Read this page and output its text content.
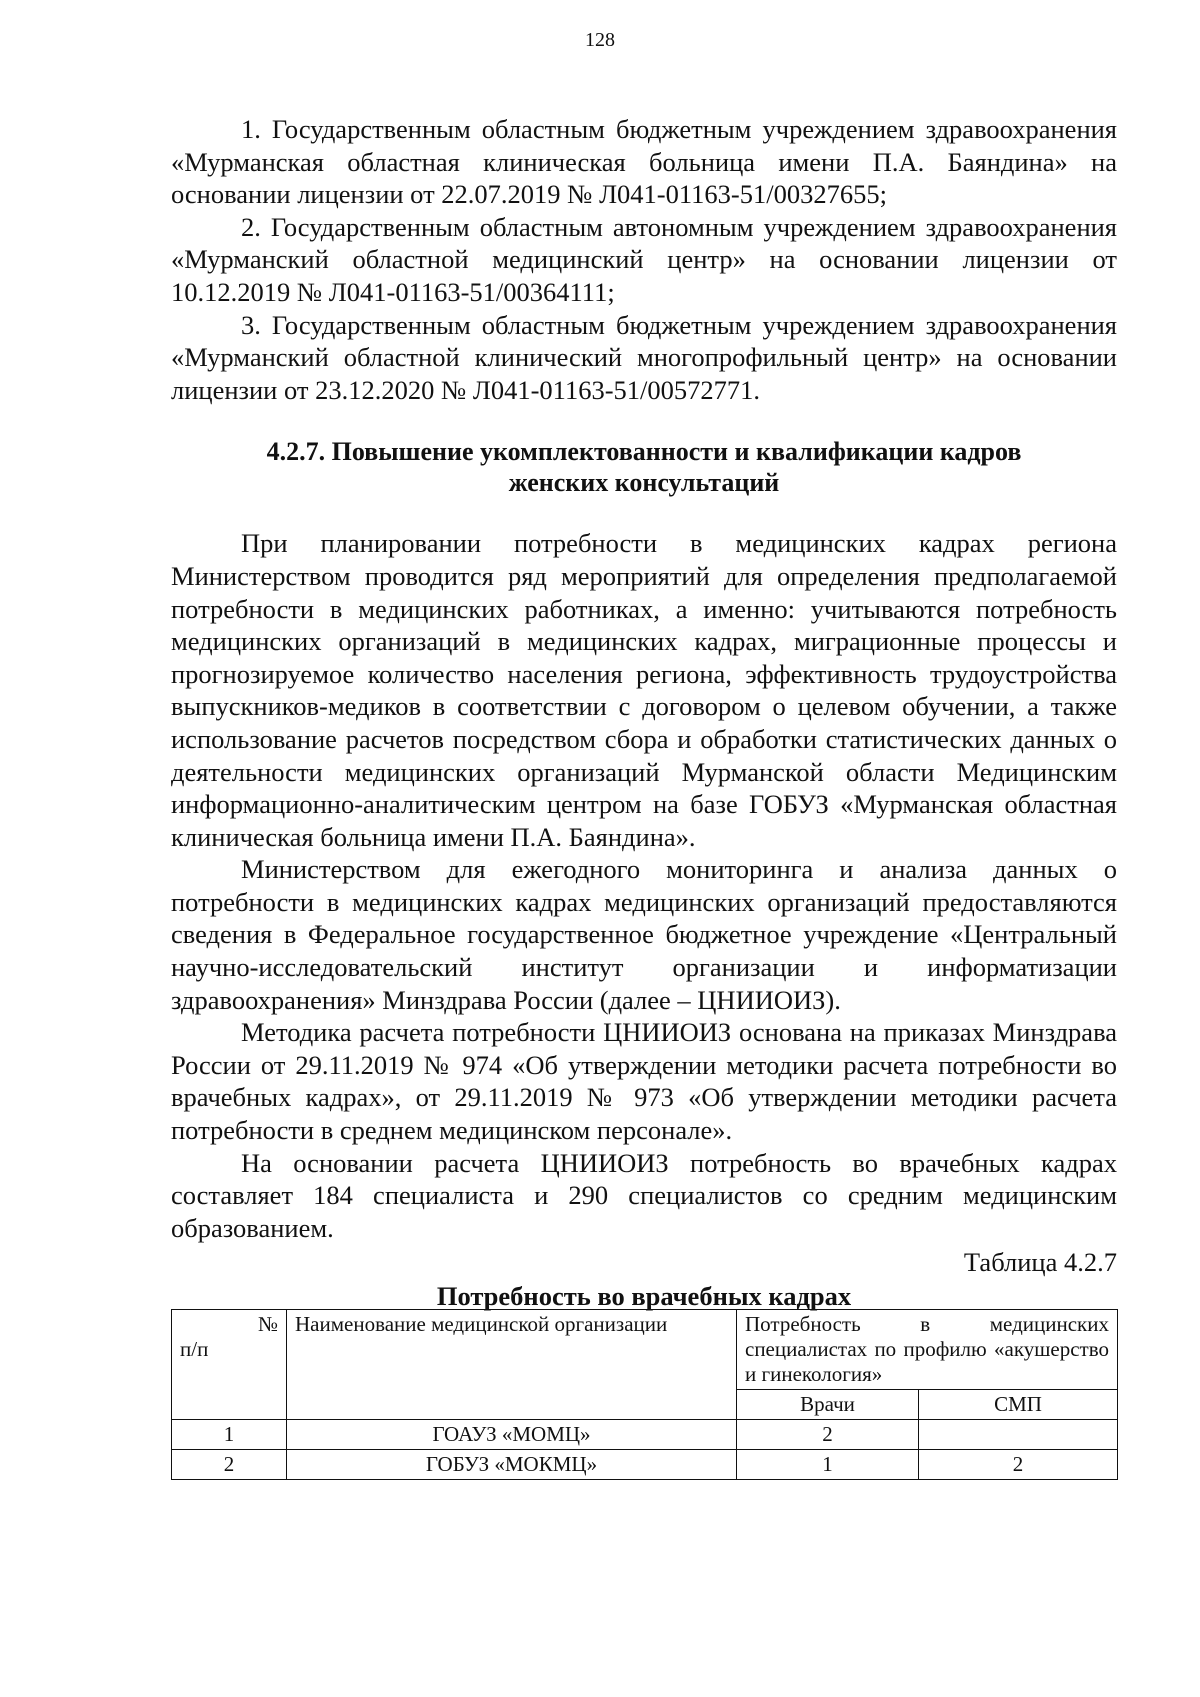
128

1. Государственным областным бюджетным учреждением здравоохранения «Мурманская областная клиническая больница имени П.А. Баяндина» на основании лицензии от 22.07.2019 № Л041-01163-51/00327655;

2. Государственным областным автономным учреждением здравоохранения «Мурманский областной медицинский центр» на основании лицензии от 10.12.2019 № Л041-01163-51/00364111;

3. Государственным областным бюджетным учреждением здравоохранения «Мурманский областной клинический многопрофильный центр» на основании лицензии от 23.12.2020 № Л041-01163-51/00572771.

4.2.7. Повышение укомплектованности и квалификации кадров
женских консультаций

При планировании потребности в медицинских кадрах региона Министерством проводится ряд мероприятий для определения предполагаемой потребности в медицинских работниках, а именно: учитываются потребность медицинских организаций в медицинских кадрах, миграционные процессы и прогнозируемое количество населения региона, эффективность трудоустройства выпускников-медиков в соответствии с договором о целевом обучении, а также использование расчетов посредством сбора и обработки статистических данных о деятельности медицинских организаций Мурманской области Медицинским информационно-аналитическим центром на базе ГОБУЗ «Мурманская областная клиническая больница имени П.А. Баяндина».

Министерством для ежегодного мониторинга и анализа данных о потребности в медицинских кадрах медицинских организаций предоставляются сведения в Федеральное государственное бюджетное учреждение «Центральный научно-исследовательский институт организации и информатизации здравоохранения» Минздрава России (далее – ЦНИИОИЗ).

Методика расчета потребности ЦНИИОИЗ основана на приказах Минздрава России от 29.11.2019 № 974 «Об утверждении методики расчета потребности во врачебных кадрах», от 29.11.2019 № 973 «Об утверждении методики расчета потребности в среднем медицинском персонале».

На основании расчета ЦНИИОИЗ потребность во врачебных кадрах составляет 184 специалиста и 290 специалистов со средним медицинским образованием.

Таблица 4.2.7

Потребность во врачебных кадрах

№
п/п	Наименование медицинской организации	Потребность в медицинских специалистах по профилю «акушерство и гинекология»	
		Врачи	СМП
1	ГОАУЗ «МОМЦ»	2	
2	ГОБУЗ «МОКМЦ»	1	2
